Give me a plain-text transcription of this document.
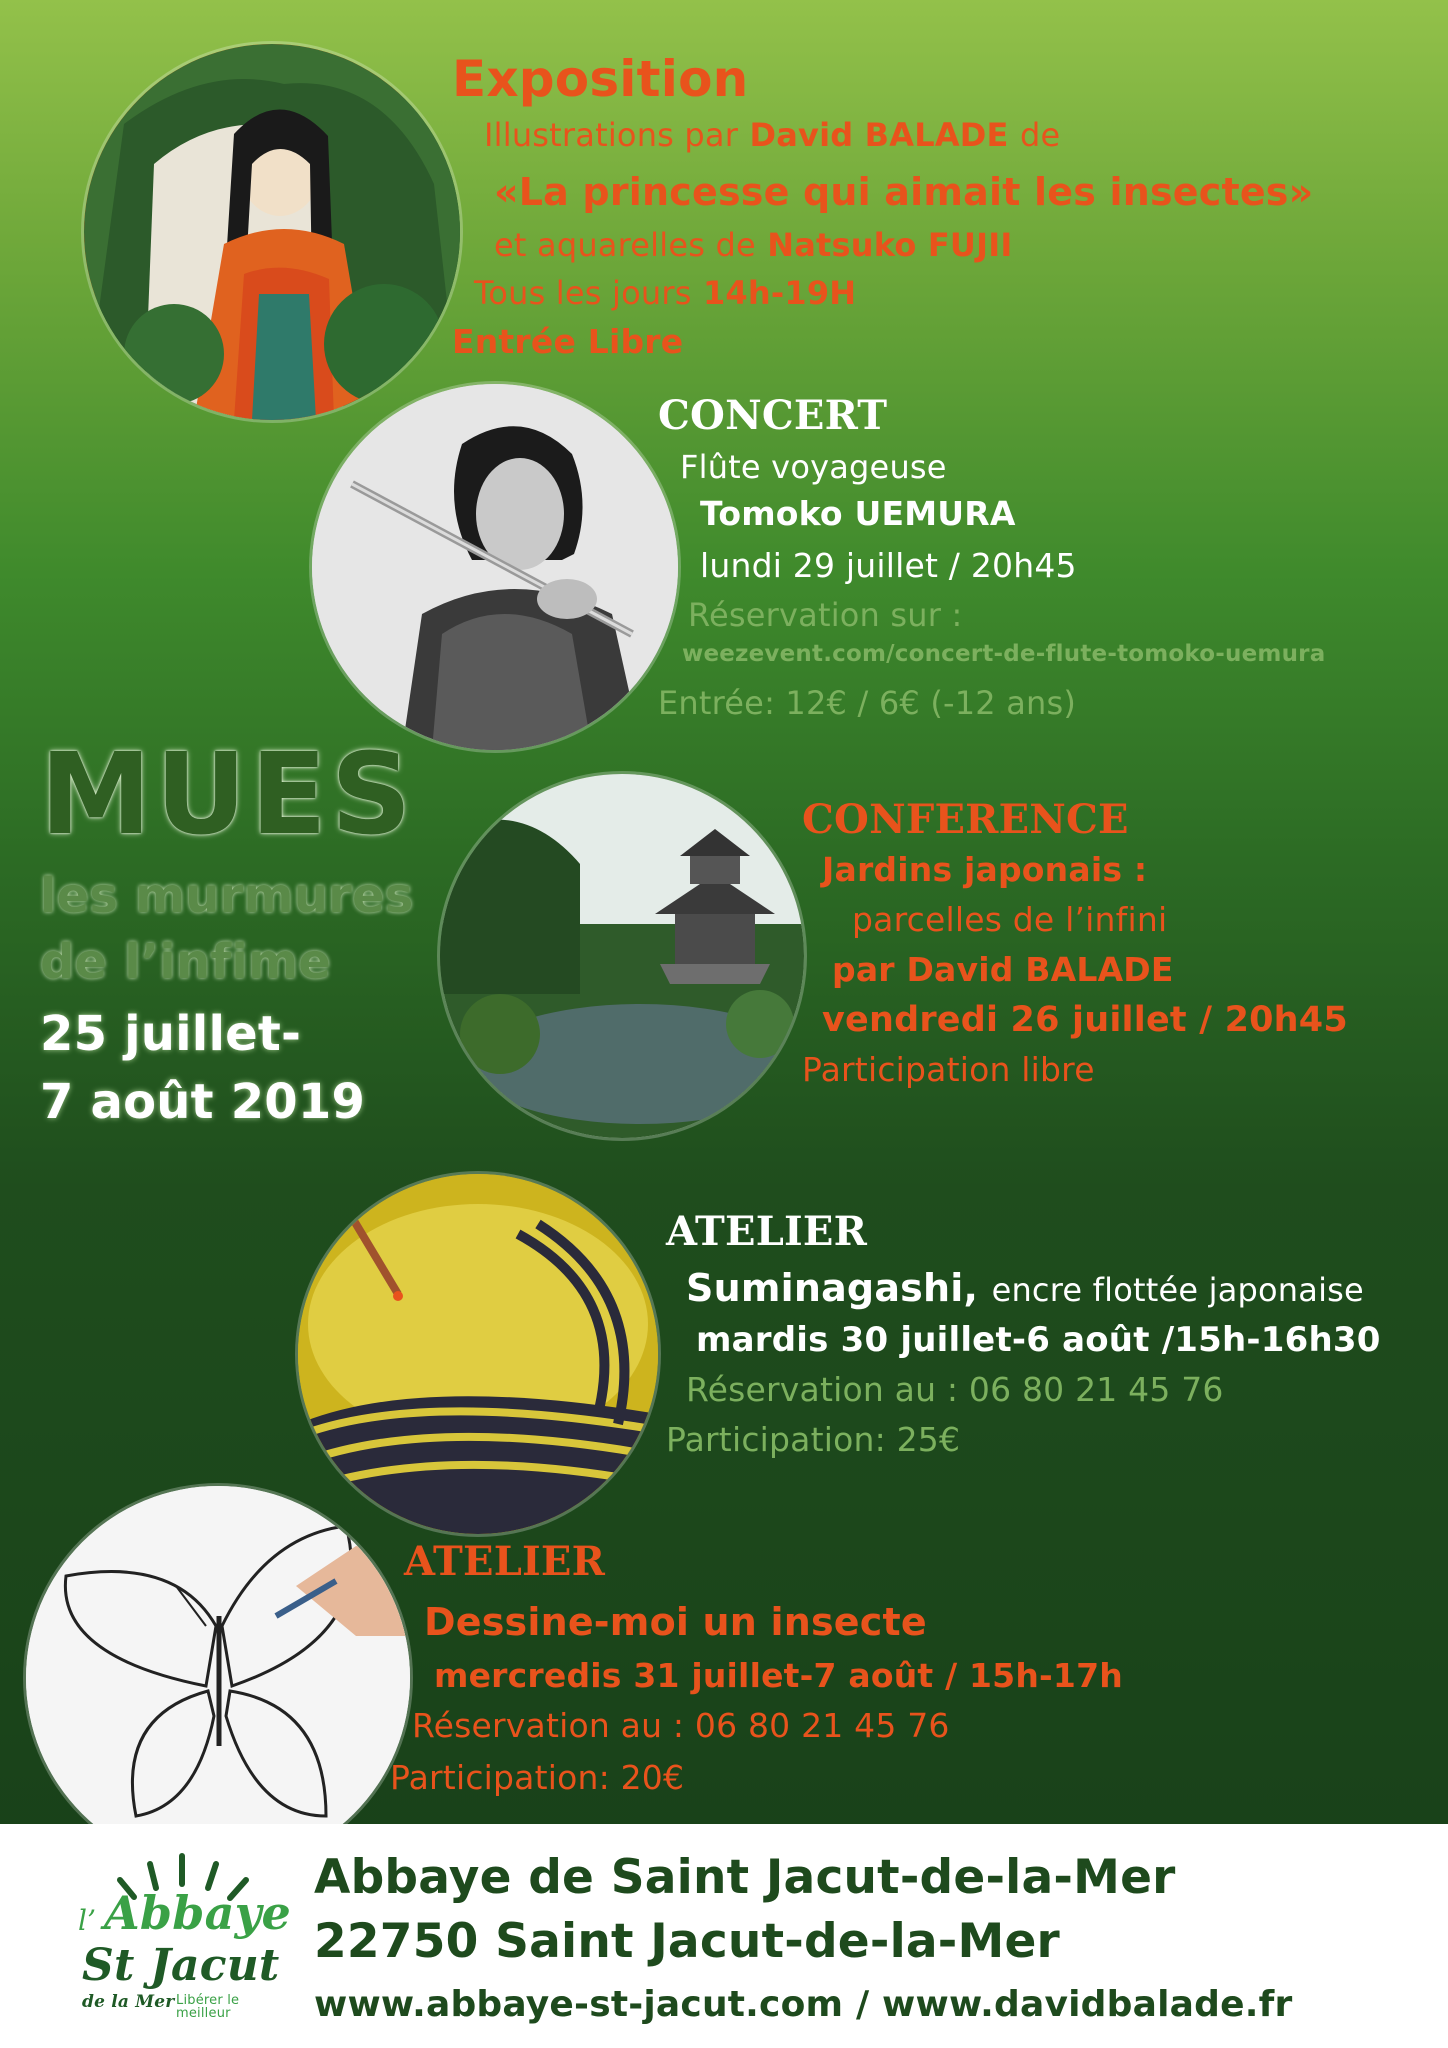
Exposition
Illustrations par David BALADE de
«La princesse qui aimait les insectes»
et aquarelles de Natsuko FUJII
Tous les jours 14h-19H
Entrée Libre
CONCERT
Flûte voyageuse
Tomoko UEMURA
lundi 29 juillet / 20h45
Réservation sur :
weezevent.com/concert-de-flute-tomoko-uemura
Entrée: 12€ / 6€ (-12 ans)
MUES
les murmures
de l’infime
25 juillet-
7 août 2019
CONFERENCE
Jardins japonais :
parcelles de l’infini
par David BALADE
vendredi 26 juillet / 20h45
Participation libre
ATELIER
Suminagashi, encre flottée japonaise
mardis 30 juillet-6 août /15h-16h30
Réservation au : 06 80 21 45 76
Participation: 25€
ATELIER
Dessine-moi un insecte
mercredis 31 juillet-7 août / 15h-17h
Réservation au : 06 80 21 45 76
Participation: 20€
l’ Abbaye
St Jacut
de la Mer Libérer le meilleur
Abbaye de Saint Jacut-de-la-Mer
22750 Saint Jacut-de-la-Mer
www.abbaye-st-jacut.com / www.davidbalade.fr
